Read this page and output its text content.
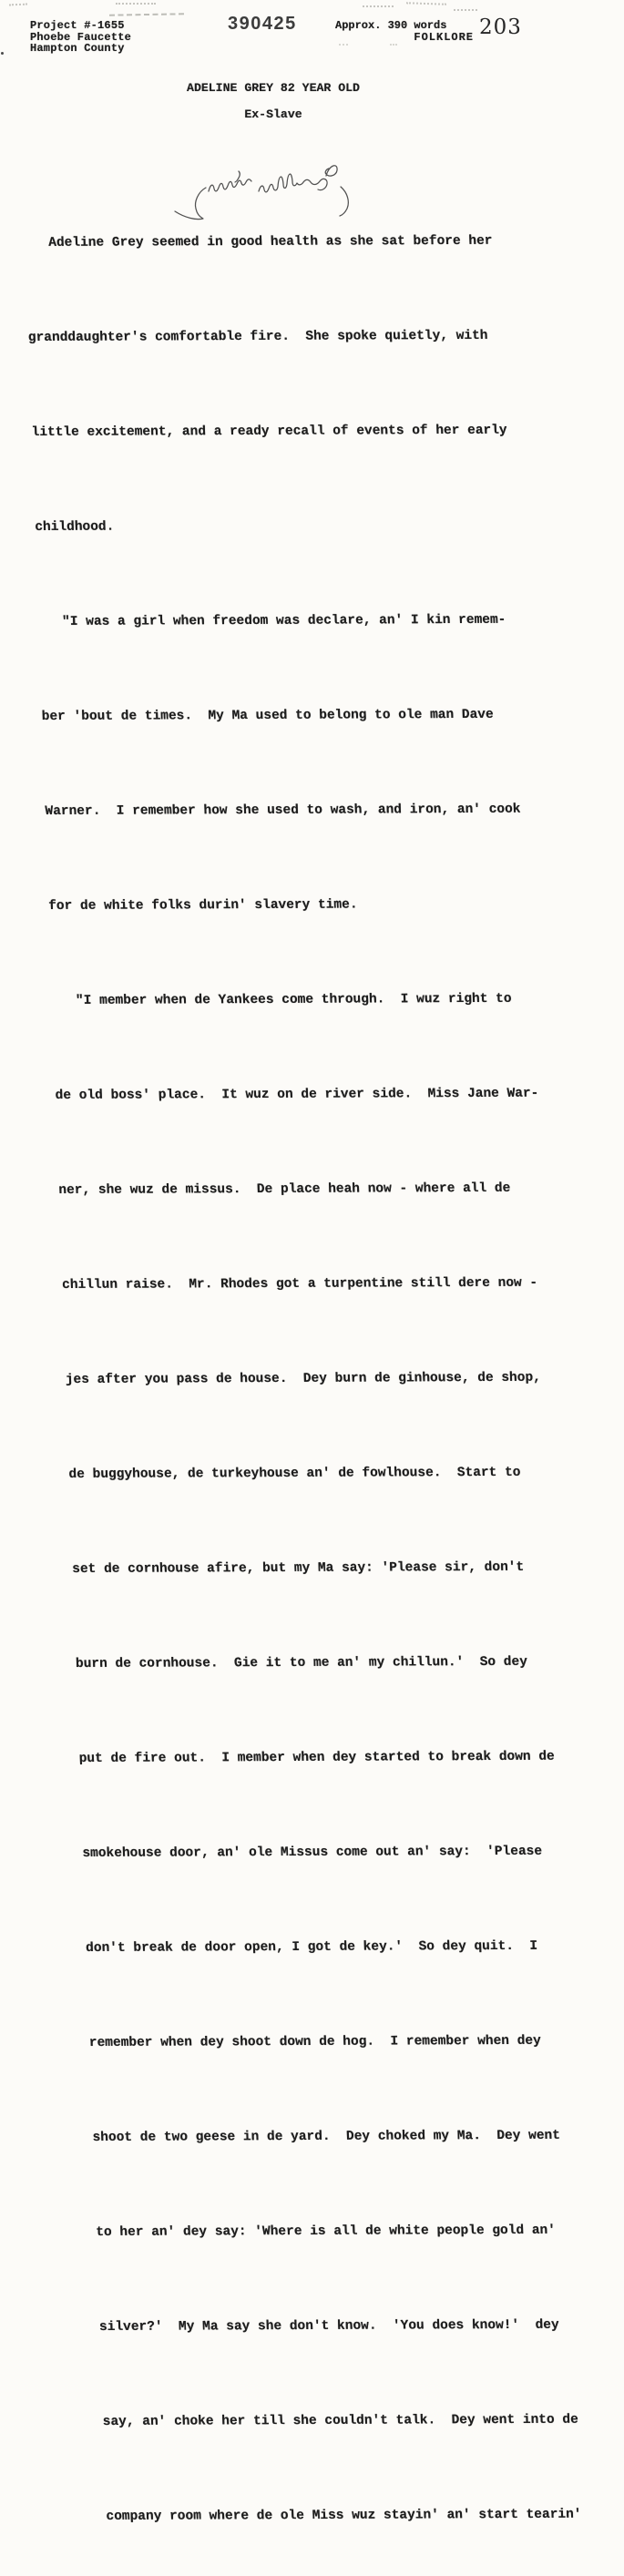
Project #-1655
Phoebe Faucette
Hampton County
390425	Approx. 390 words
FOLKLORE 203
ADELINE GREY 82 YEAR OLD
Ex-Slave

Adeline Grey seemed in good health as she sat before her

granddaughter's comfortable fire.  She spoke quietly, with

little excitement, and a ready recall of events of her early

childhood.

"I was a girl when freedom was declare, an' I kin remem-

ber 'bout de times.  My Ma used to belong to ole man Dave

Warner.  I remember how she used to wash, and iron, an' cook

for de white folks durin' slavery time.

"I member when de Yankees come through.  I wuz right to

de old boss' place.  It wuz on de river side.  Miss Jane War-

ner, she wuz de missus.  De place heah now - where all de

chillun raise.  Mr. Rhodes got a turpentine still dere now -

jes after you pass de house.  Dey burn de ginhouse, de shop,

de buggyhouse, de turkeyhouse an' de fowlhouse.  Start to

set de cornhouse afire, but my Ma say: 'Please sir, don't

burn de cornhouse.  Gie it to me an' my chillun.'  So dey

put de fire out.  I member when dey started to break down de

smokehouse door, an' ole Missus come out an' say:  'Please

don't break de door open, I got de key.'  So dey quit.  I

remember when dey shoot down de hog.  I remember when dey

shoot de two geese in de yard.  Dey choked my Ma.  Dey went

to her an' dey say: 'Where is all de white people gold an'

silver?'  My Ma say she don't know.  'You does know!'  dey

say, an' choke her till she couldn't talk.  Dey went into de

company room where de ole Miss wuz stayin' an' start tearin'
